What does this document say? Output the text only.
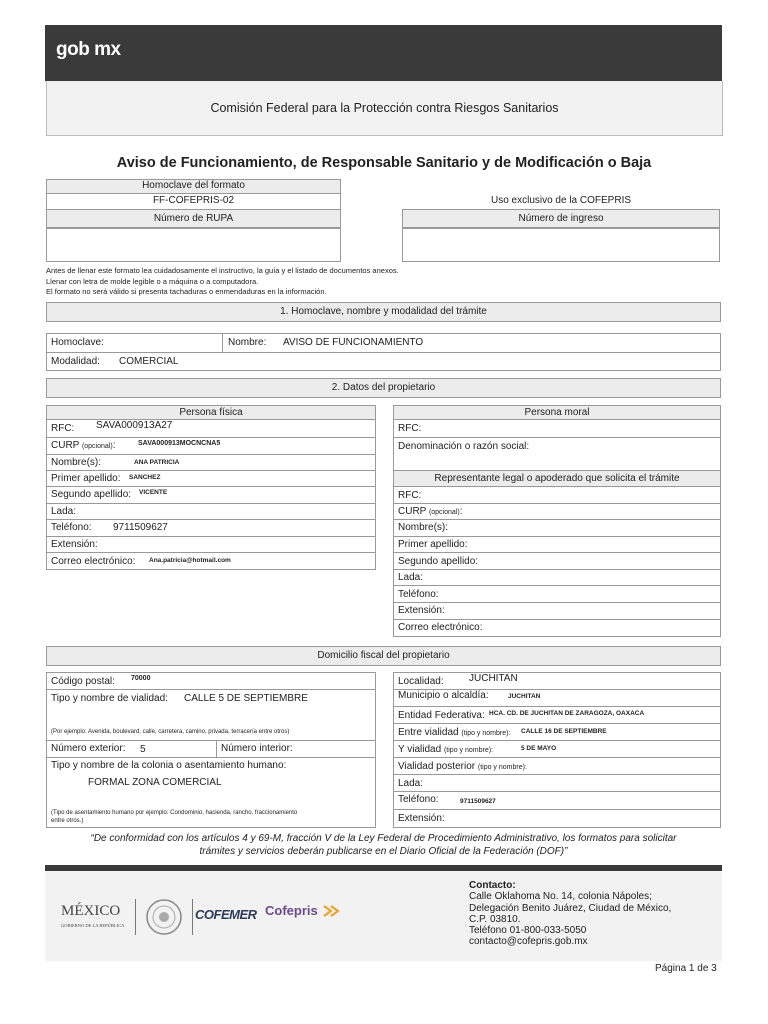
gob mx
Comisión Federal para la Protección contra Riesgos Sanitarios
Aviso de Funcionamiento, de Responsable Sanitario y de Modificación o Baja
Homoclave del formato
FF-COFEPRIS-02
Número de RUPA
Uso exclusivo de la COFEPRIS
Número de ingreso
Antes de llenar este formato lea cuidadosamente el instructivo, la guía y el listado de documentos anexos.
Llenar con letra de molde legible o a máquina o a computadora.
El formato no será válido si presenta tachaduras o enmendaduras en la información.
1. Homoclave, nombre y modalidad del trámite
Homoclave:	Nombre: AVISO DE FUNCIONAMIENTO
Modalidad: COMERCIAL
2. Datos del propietario
Persona física
RFC: SAVA000913A27
CURP (opcional):	SAVA000913MOCNCNA5
Nombre(s):	ANA PATRICIA
Primer apellido: SANCHEZ
Segundo apellido: VICENTE
Lada:
Teléfono: 9711509627
Extensión:
Correo electrónico: Ana.patricia@hotmail.com
Persona moral
RFC:
Denominación o razón social:
Representante legal o apoderado que solicita el trámite
RFC:
CURP (opcional):
Nombre(s):
Primer apellido:
Segundo apellido:
Lada:
Teléfono:
Extensión:
Correo electrónico:
Domicilio fiscal del propietario
Código postal: 70000
Tipo y nombre de vialidad: CALLE 5 DE SEPTIEMBRE
(Por ejemplo: Avenida, boulevard, calle, carretera, camino, privada, terracería entre otros)
Número exterior: 5	Número interior:
Tipo y nombre de la colonia o asentamiento humano:
FORMAL ZONA COMERCIAL
(Tipo de asentamiento humano por ejemplo: Condominio, hacienda, rancho, fraccionamiento
entre otros.)
Localidad:	JUCHITAN
Municipio o alcaldía:	JUCHITAN
Entidad Federativa: HCA. CD. DE JUCHITAN DE ZARAGOZA, OAXACA
Entre vialidad (tipo y nombre): CALLE 16 DE SEPTIEMBRE
Y vialidad (tipo y nombre):	5 DE MAYO
Vialidad posterior (tipo y nombre):
Lada:
Teléfono:	9711509627
Extensión:
“De conformidad con los artículos 4 y 69-M, fracción V de la Ley Federal de Procedimiento Administrativo, los formatos para solicitar
trámites y servicios deberán publicarse en el Diario Oficial de la Federación (DOF)”
MÉXICO
GOBIERNO DE LA REPÚBLICA
COFEMER Cofepris
Contacto:
Calle Oklahoma No. 14, colonia Nápoles;
Delegación Benito Juárez, Ciudad de México,
C.P. 03810.
Teléfono 01-800-033-5050
contacto@cofepris.gob.mx
Página 1 de 3
